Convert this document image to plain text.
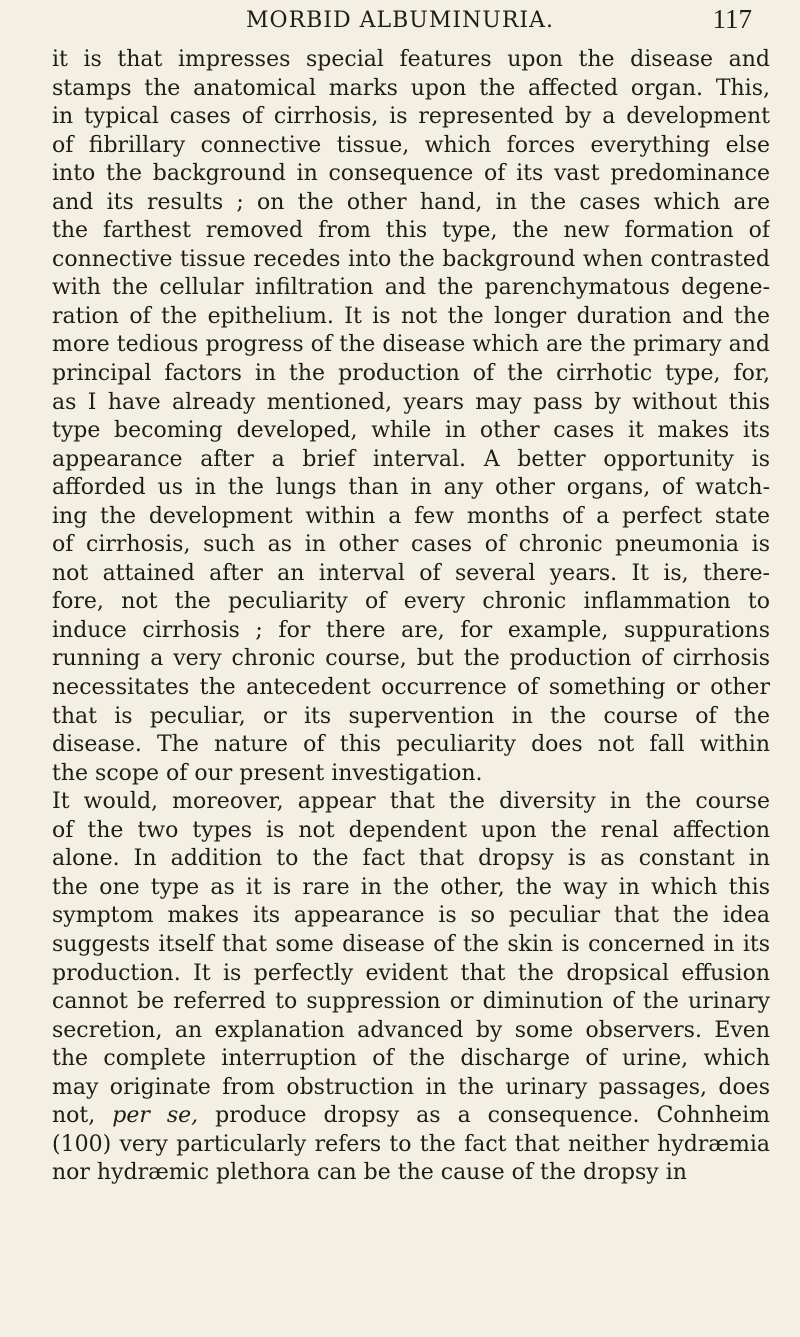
MORBID ALBUMINURIA.	117
it is that impresses special features upon the disease and
stamps the anatomical marks upon the affected organ. This,
in typical cases of cirrhosis, is represented by a development
of fibrillary connective tissue, which forces everything else
into the background in consequence of its vast predominance
and its results ; on the other hand, in the cases which are
the farthest removed from this type, the new formation of
connective tissue recedes into the background when contrasted
with the cellular infiltration and the parenchymatous degene-
ration of the epithelium. It is not the longer duration and the
more tedious progress of the disease which are the primary and
principal factors in the production of the cirrhotic type, for,
as I have already mentioned, years may pass by without this
type becoming developed, while in other cases it makes its
appearance after a brief interval. A better opportunity is
afforded us in the lungs than in any other organs, of watch-
ing the development within a few months of a perfect state
of cirrhosis, such as in other cases of chronic pneumonia is
not attained after an interval of several years. It is, there-
fore, not the peculiarity of every chronic inflammation to
induce cirrhosis ; for there are, for example, suppurations
running a very chronic course, but the production of cirrhosis
necessitates the antecedent occurrence of something or other
that is peculiar, or its supervention in the course of the
disease. The nature of this peculiarity does not fall within
the scope of our present investigation.
It would, moreover, appear that the diversity in the course
of the two types is not dependent upon the renal affection
alone. In addition to the fact that dropsy is as constant in
the one type as it is rare in the other, the way in which this
symptom makes its appearance is so peculiar that the idea
suggests itself that some disease of the skin is concerned in its
production. It is perfectly evident that the dropsical effusion
cannot be referred to suppression or diminution of the urinary
secretion, an explanation advanced by some observers. Even
the complete interruption of the discharge of urine, which
may originate from obstruction in the urinary passages, does
not, per se, produce dropsy as a consequence. Cohnheim
(100) very particularly refers to the fact that neither hydræmia
nor hydræmic plethora can be the cause of the dropsy in
